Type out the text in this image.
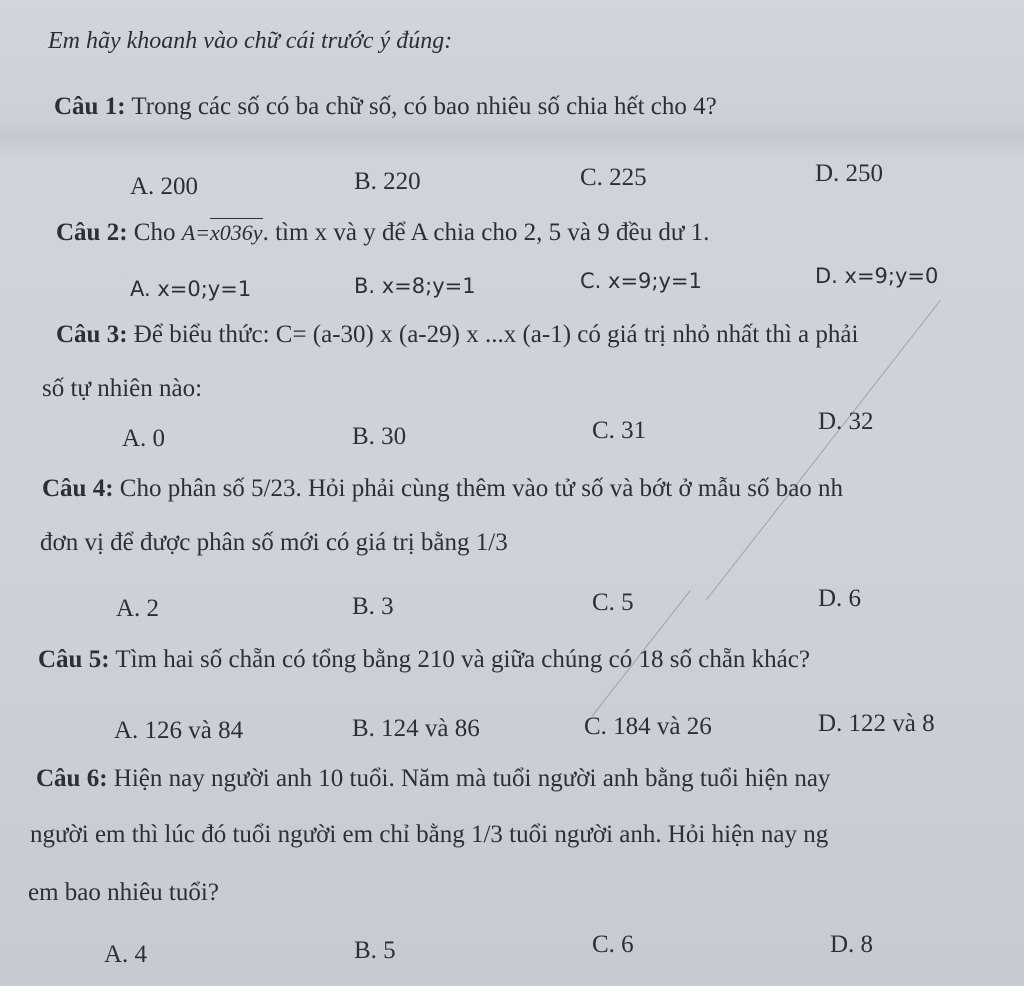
Em hãy khoanh vào chữ cái trước ý đúng:
Câu 1: Trong các số có ba chữ số, có bao nhiêu số chia hết cho 4?
A. 200	B. 220	C. 225	D. 250
Câu 2: Cho A=x036y. tìm x và y để A chia cho 2, 5 và 9 đều dư 1.
A. x=0;y=1	B. x=8;y=1	C. x=9;y=1	D. x=9;y=0
Câu 3: Để biểu thức: C= (a-30) x (a-29) x ...x (a-1) có giá trị nhỏ nhất thì a phải
số tự nhiên nào:
A. 0	B. 30	C. 31	D. 32
Câu 4: Cho phân số 5/23. Hỏi phải cùng thêm vào tử số và bớt ở mẫu số bao nh
đơn vị để được phân số mới có giá trị bằng 1/3
A. 2	B. 3	C. 5	D. 6
Câu 5: Tìm hai số chẵn có tổng bằng 210 và giữa chúng có 18 số chẵn khác?
A. 126 và 84	B. 124 và 86	C. 184 và 26	D. 122 và 8
Câu 6: Hiện nay người anh 10 tuổi. Năm mà tuổi người anh bằng tuổi hiện nay
người em thì lúc đó tuổi người em chỉ bằng 1/3 tuổi người anh. Hỏi hiện nay ng
em bao nhiêu tuổi?
A. 4	B. 5	C. 6	D. 8
